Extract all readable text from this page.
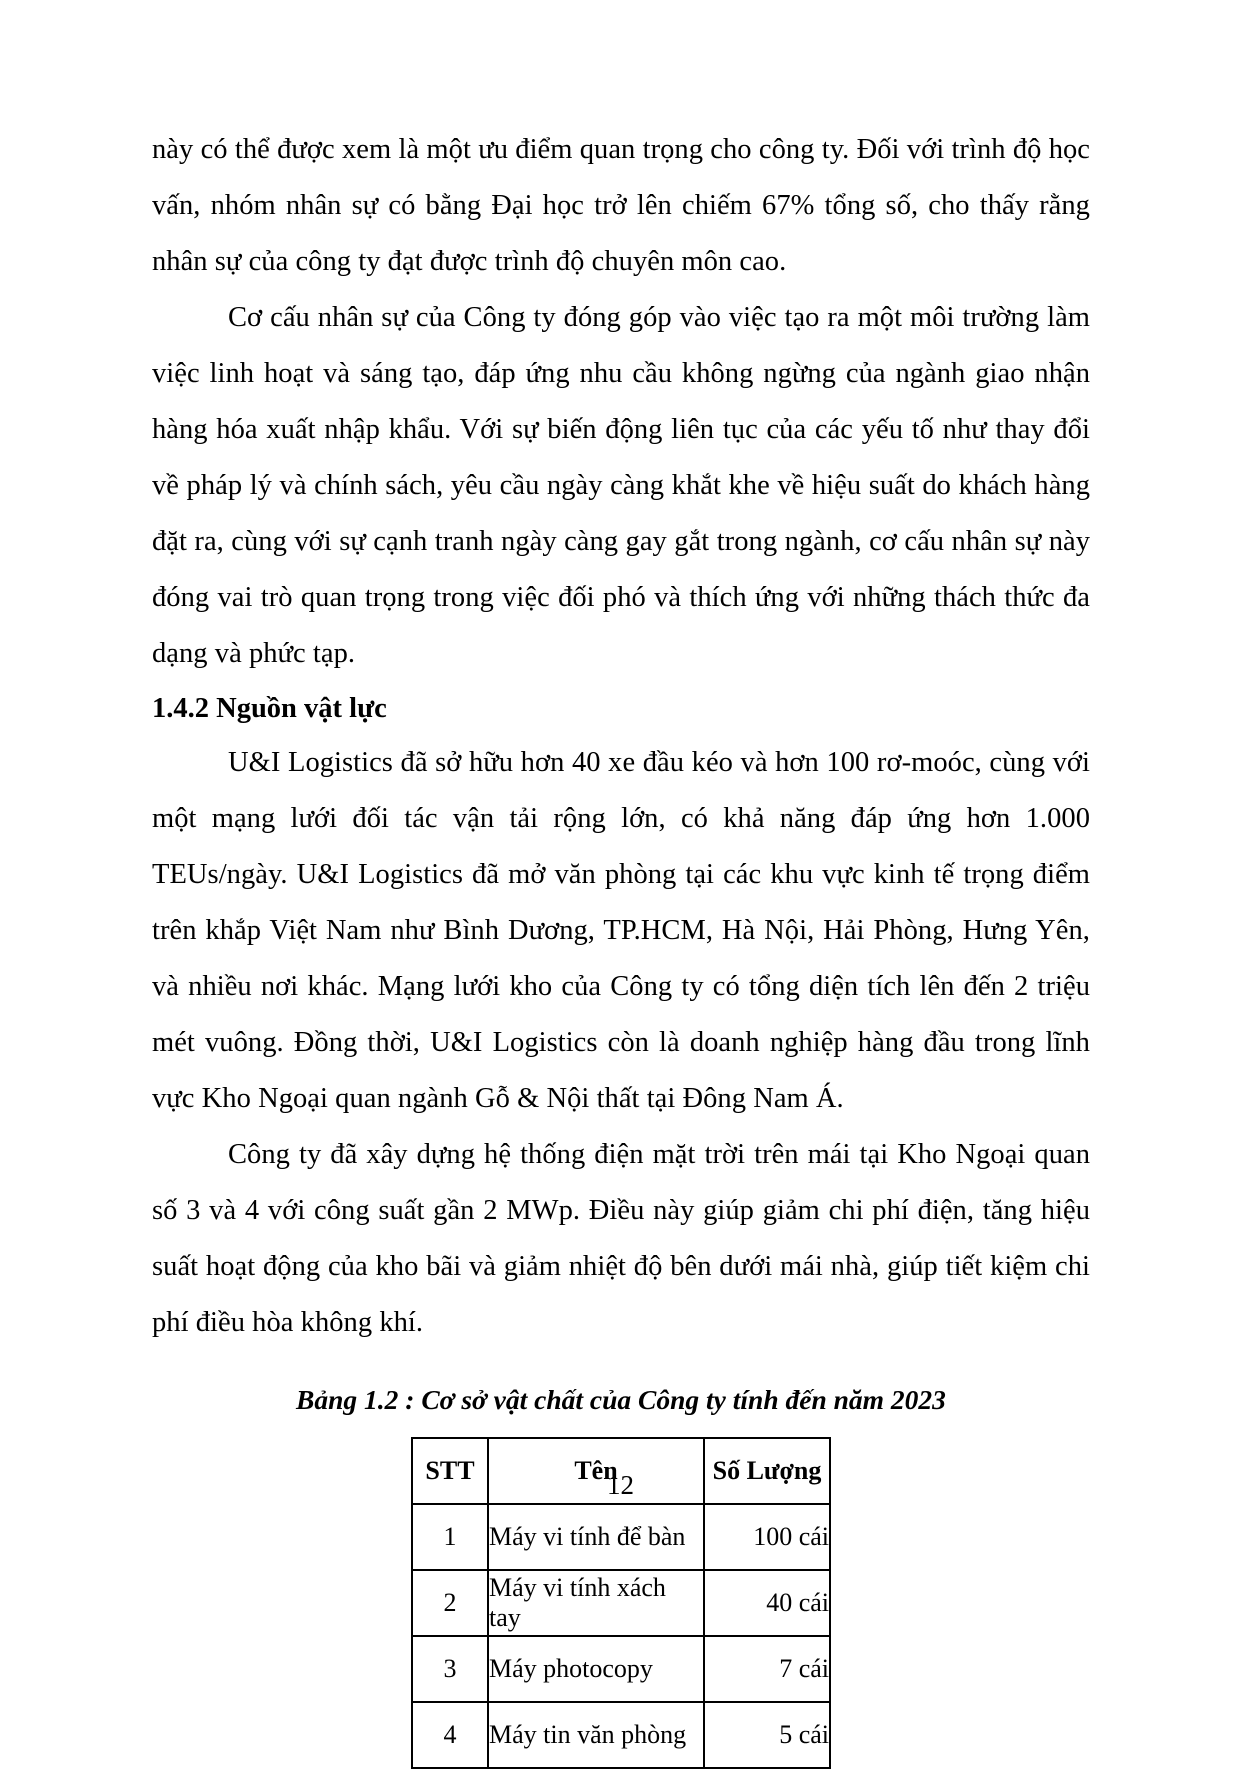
này có thể được xem là một ưu điểm quan trọng cho công ty. Đối với trình độ học vấn, nhóm nhân sự có bằng Đại học trở lên chiếm 67% tổng số, cho thấy rằng nhân sự của công ty đạt được trình độ chuyên môn cao.

Cơ cấu nhân sự của Công ty đóng góp vào việc tạo ra một môi trường làm việc linh hoạt và sáng tạo, đáp ứng nhu cầu không ngừng của ngành giao nhận hàng hóa xuất nhập khẩu. Với sự biến động liên tục của các yếu tố như thay đổi về pháp lý và chính sách, yêu cầu ngày càng khắt khe về hiệu suất do khách hàng đặt ra, cùng với sự cạnh tranh ngày càng gay gắt trong ngành, cơ cấu nhân sự này đóng vai trò quan trọng trong việc đối phó và thích ứng với những thách thức đa dạng và phức tạp.

1.4.2 Nguồn vật lực

U&I Logistics đã sở hữu hơn 40 xe đầu kéo và hơn 100 rơ-moóc, cùng với một mạng lưới đối tác vận tải rộng lớn, có khả năng đáp ứng hơn 1.000 TEUs/ngày. U&I Logistics đã mở văn phòng tại các khu vực kinh tế trọng điểm trên khắp Việt Nam như Bình Dương, TP.HCM, Hà Nội, Hải Phòng, Hưng Yên, và nhiều nơi khác. Mạng lưới kho của Công ty có tổng diện tích lên đến 2 triệu mét vuông. Đồng thời, U&I Logistics còn là doanh nghiệp hàng đầu trong lĩnh vực Kho Ngoại quan ngành Gỗ & Nội thất tại Đông Nam Á.

Công ty đã xây dựng hệ thống điện mặt trời trên mái tại Kho Ngoại quan số 3 và 4 với công suất gần 2 MWp. Điều này giúp giảm chi phí điện, tăng hiệu suất hoạt động của kho bãi và giảm nhiệt độ bên dưới mái nhà, giúp tiết kiệm chi phí điều hòa không khí.

Bảng 1.2 : Cơ sở vật chất của Công ty tính đến năm 2023

STT	Tên	Số Lượng
1	Máy vi tính để bàn	100 cái
2	Máy vi tính xách tay	40 cái
3	Máy photocopy	7 cái
4	Máy tin văn phòng	5 cái
12
